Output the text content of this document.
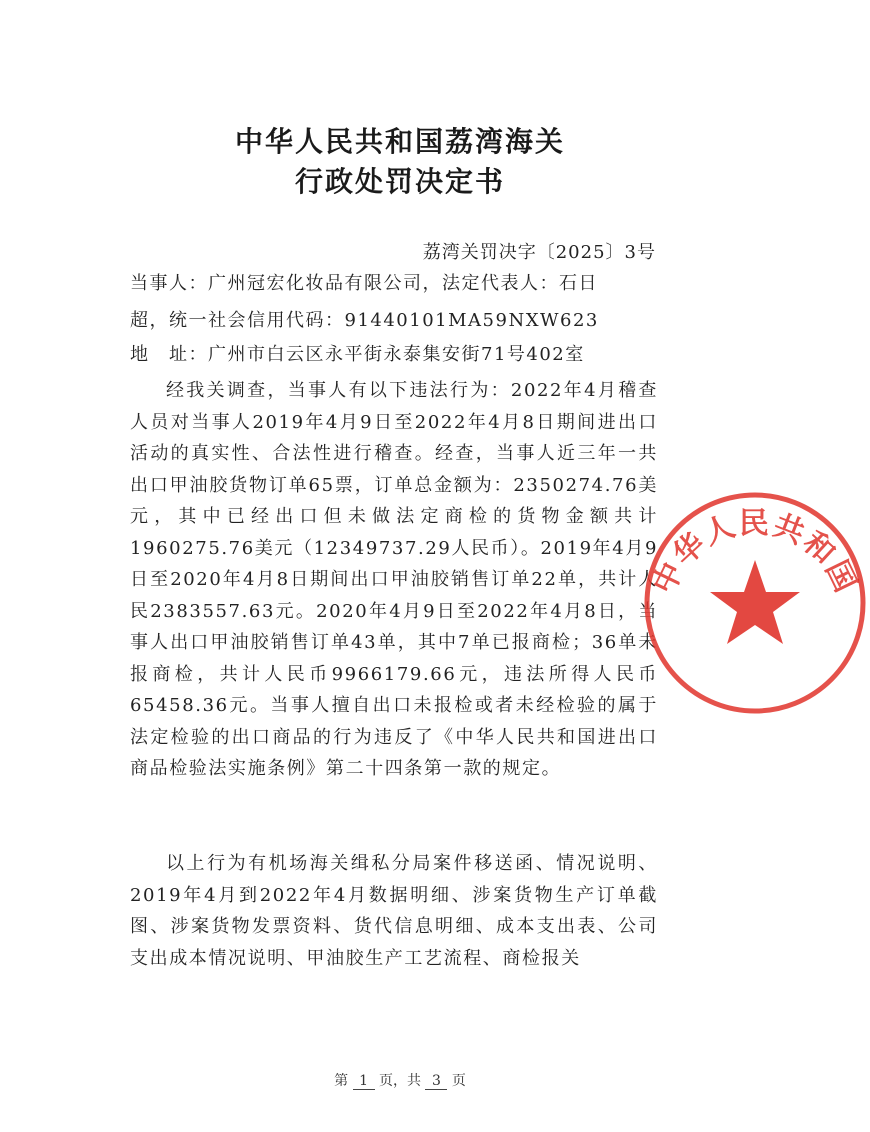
中华人民共和国荔湾海关
行政处罚决定书
荔湾关罚决字〔2025〕3号
当事人：广州冠宏化妆品有限公司，法定代表人：石日
超，统一社会信用代码：91440101MA59NXW623
地　址：广州市白云区永平街永泰集安街71号402室

经我关调查，当事人有以下违法行为：2022年4月稽查人员对当事人2019年4月9日至2022年4月8日期间进出口活动的真实性、合法性进行稽查。经查，当事人近三年一共出口甲油胶货物订单65票，订单总金额为：2350274.76美元，其中已经出口但未做法定商检的货物金额共计1960275.76美元（12349737.29人民币）。2019年4月9日至2020年4月8日期间出口甲油胶销售订单22单，共计人民2383557.63元。2020年4月9日至2022年4月8日，当事人出口甲油胶销售订单43单，其中7单已报商检；36单未报商检，共计人民币9966179.66元，违法所得人民币65458.36元。当事人擅自出口未报检或者未经检验的属于法定检验的出口商品的行为违反了《中华人民共和国进出口商品检验法实施条例》第二十四条第一款的规定。

以上行为有机场海关缉私分局案件移送函、情况说明、2019年4月到2022年4月数据明细、涉案货物生产订单截图、涉案货物发票资料、货代信息明细、成本支出表、公司支出成本情况说明、甲油胶生产工艺流程、商检报关

中华人民共和国
第 1 页，共 3 页
